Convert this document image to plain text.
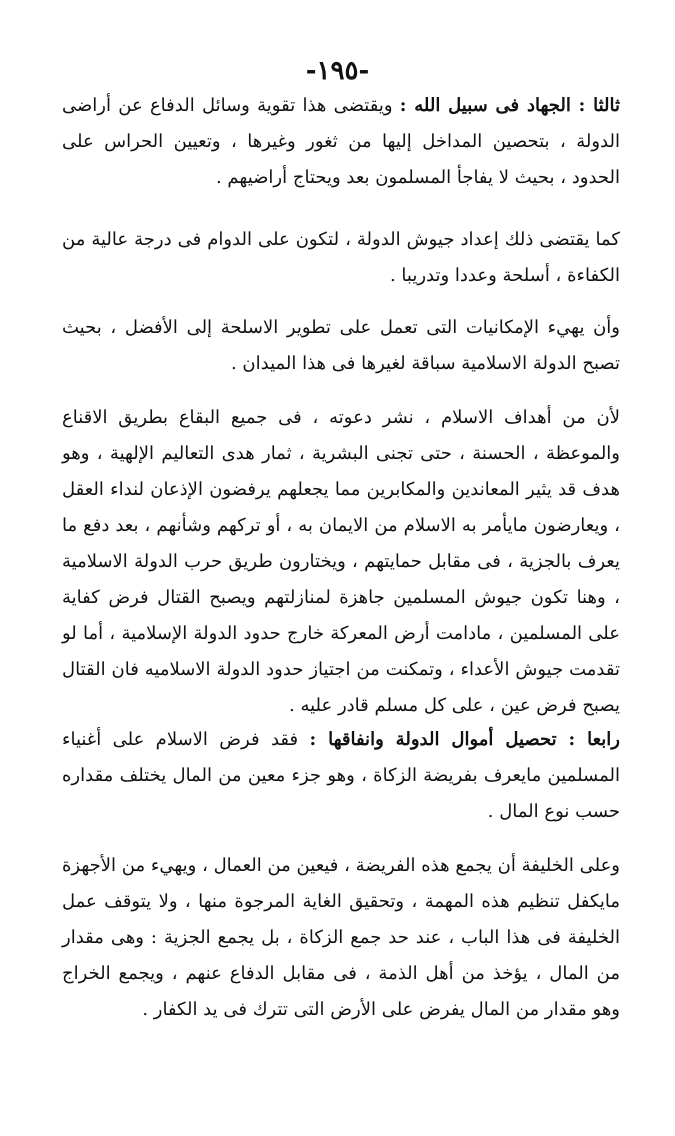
-١٩٥-

ثالثا : الجهاد فى سبيل الله : ويقتضى هذا تقوية وسائل الدفاع عن أراضى الدولة ، بتحصين المداخل إليها من ثغور وغيرها ، وتعيين الحراس على الحدود ، بحيث لا يفاجأ المسلمون بعد ويحتاج أراضيهم .

كما يقتضى ذلك إعداد جيوش الدولة ، لتكون على الدوام فى درجة عالية من الكفاءة ، أسلحة وعددا وتدريبا .

وأن يهيء الإمكانيات التى تعمل على تطوير الاسلحة إلى الأفضل ، بحيث تصبح الدولة الاسلامية سباقة لغيرها فى هذا الميدان .

لأن من أهداف الاسلام ، نشر دعوته ، فى جميع البقاع بطريق الاقناع والموعظة ، الحسنة ، حتى تجنى البشرية ، ثمار هدى التعاليم الإلهية ، وهو هدف قد يثير المعاندين والمكابرين مما يجعلهم يرفضون الإذعان لنداء العقل ، ويعارضون مايأمر به الاسلام من الايمان به ، أو تركهم وشأنهم ، بعد دفع ما يعرف بالجزية ، فى مقابل حمايتهم ، ويختارون طريق حرب الدولة الاسلامية ، وهنا تكون جيوش المسلمين جاهزة لمنازلتهم ويصبح القتال فرض كفاية على المسلمين ، مادامت أرض المعركة خارج حدود الدولة الإسلامية ، أما لو تقدمت جيوش الأعداء ، وتمكنت من اجتياز حدود الدولة الاسلاميه فان القتال يصبح فرض عين ، على كل مسلم قادر عليه .

رابعا : تحصيل أموال الدولة وانفاقها : فقد فرض الاسلام على أغنياء المسلمين مايعرف بفريضة الزكاة ، وهو جزء معين من المال يختلف مقداره حسب نوع المال .

وعلى الخليفة أن يجمع هذه الفريضة ، فيعين من العمال ، ويهيء من الأجهزة مايكفل تنظيم هذه المهمة ، وتحقيق الغاية المرجوة منها ، ولا يتوقف عمل الخليفة فى هذا الباب ، عند حد جمع الزكاة ، بل يجمع الجزية : وهى مقدار من المال ، يؤخذ من أهل الذمة ، فى مقابل الدفاع عنهم ، ويجمع الخراج وهو مقدار من المال يفرض على الأرض التى تترك فى يد الكفار .
